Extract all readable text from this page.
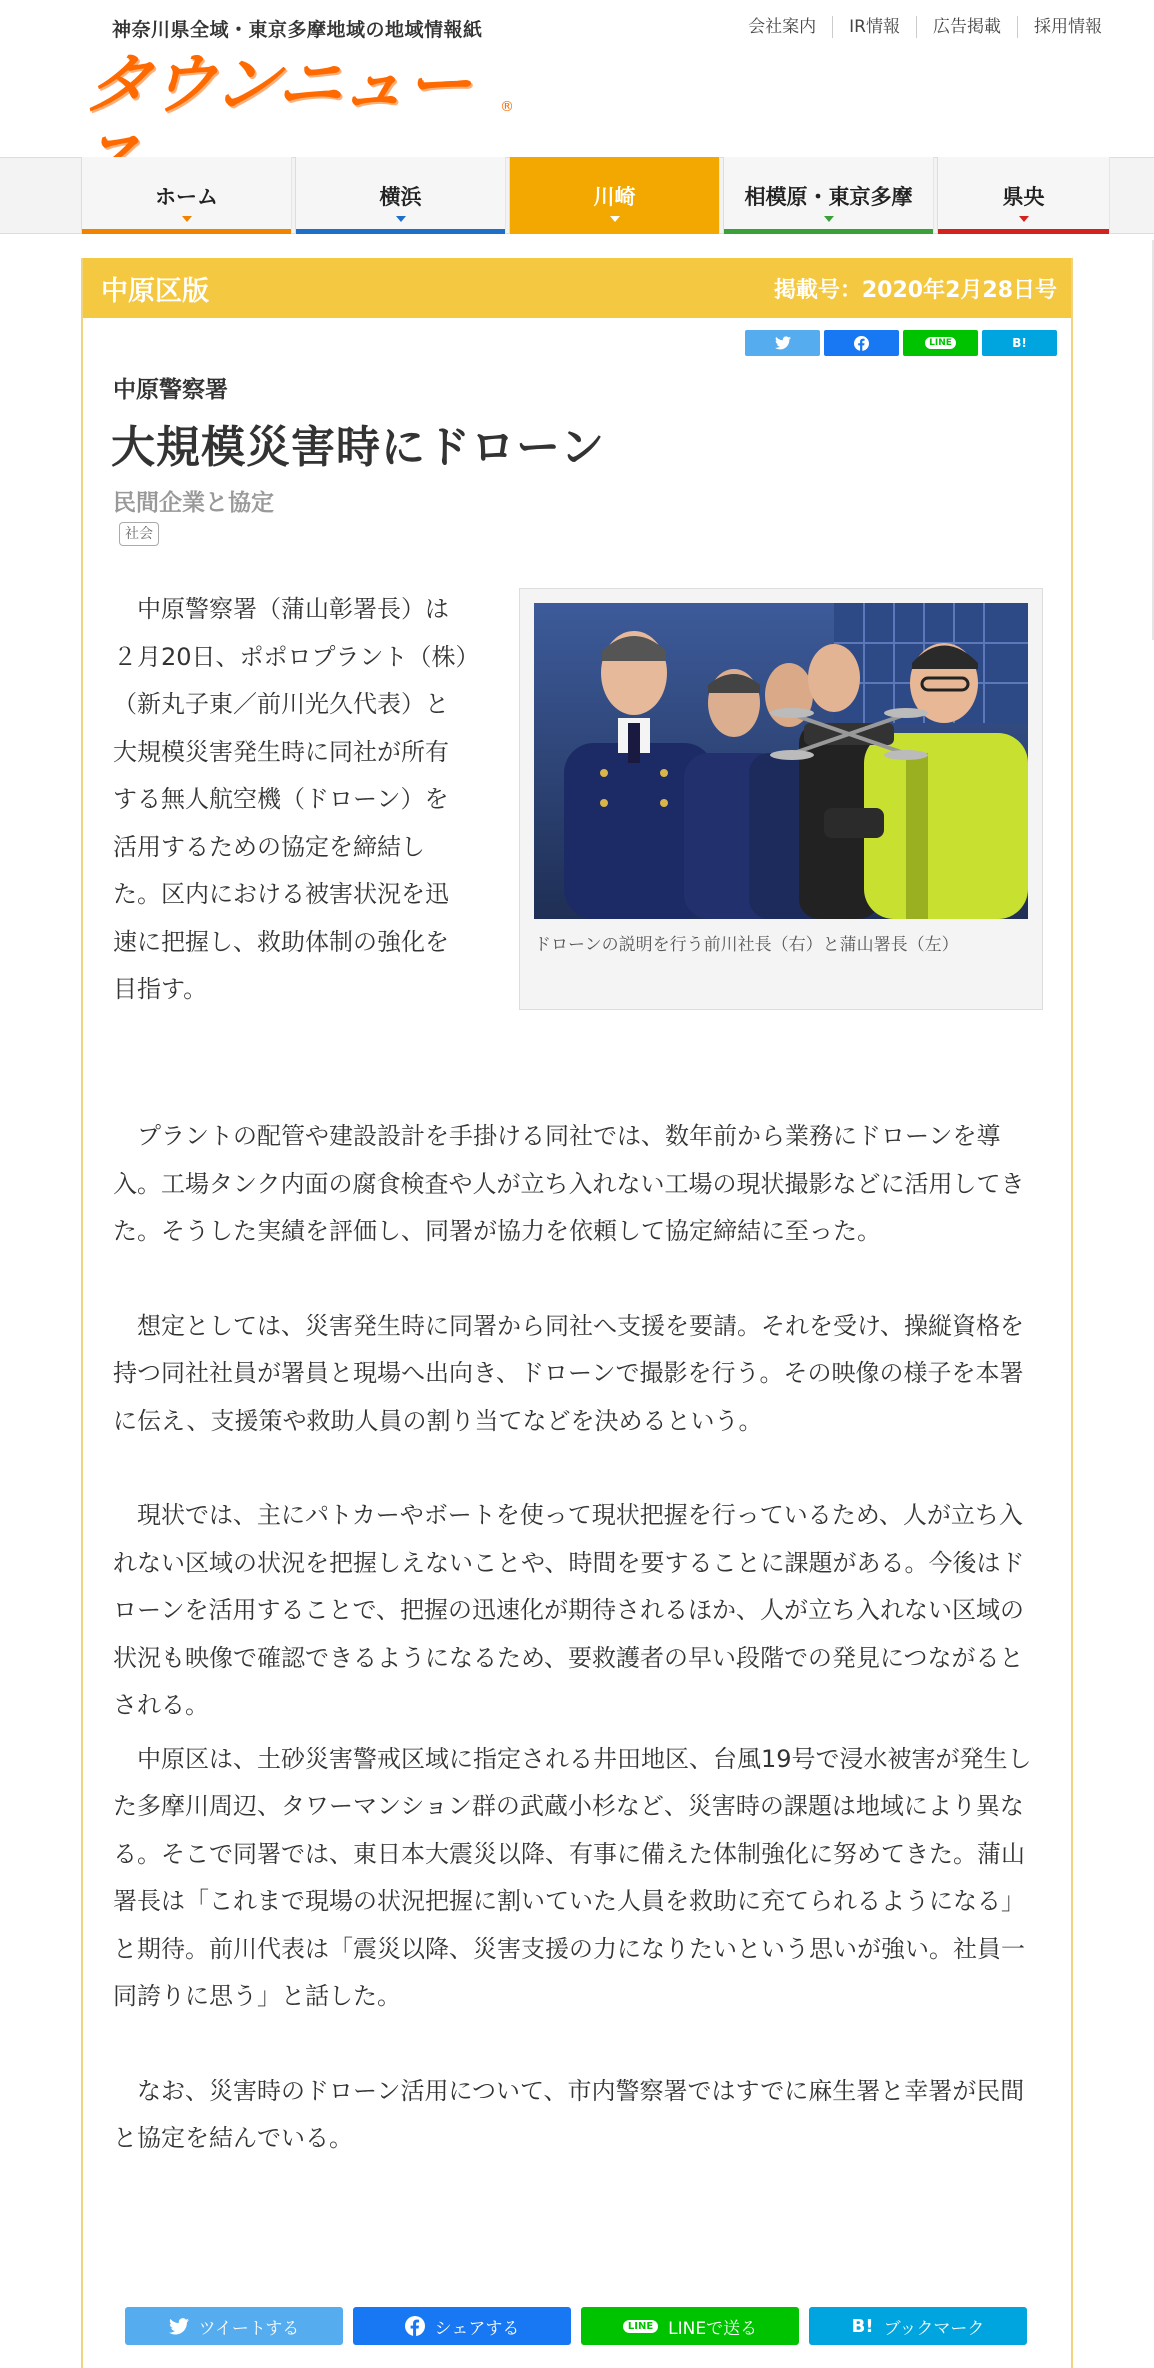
神奈川県全域・東京多摩地域の地域情報紙
タウンニュース
®
会社案内	IR情報	広告掲載	採用情報
ホーム	横浜	川崎	相模原・東京多摩	県央
中原区版	掲載号：2020年2月28日号
LINE	B!
中原警察署
大規模災害時にドローン
民間企業と協定
社会
中原警察署（蒲山彰署長）は２月20日、ポポロプラント（株）（新丸子東／前川光久代表）と大規模災害発生時に同社が所有する無人航空機（ドローン）を活用するための協定を締結した。区内における被害状況を迅速に把握し、救助体制の強化を目指す。
ドローンの説明を行う前川社長（右）と蒲山署長（左）

プラントの配管や建設設計を手掛ける同社では、数年前から業務にドローンを導入。工場タンク内面の腐食検査や人が立ち入れない工場の現状撮影などに活用してきた。そうした実績を評価し、同署が協力を依頼して協定締結に至った。

想定としては、災害発生時に同署から同社へ支援を要請。それを受け、操縦資格を持つ同社社員が署員と現場へ出向き、ドローンで撮影を行う。その映像の様子を本署に伝え、支援策や救助人員の割り当てなどを決めるという。

現状では、主にパトカーやボートを使って現状把握を行っているため、人が立ち入れない区域の状況を把握しえないことや、時間を要することに課題がある。今後はドローンを活用することで、把握の迅速化が期待されるほか、人が立ち入れない区域の状況も映像で確認できるようになるため、要救護者の早い段階での発見につながるとされる。

中原区は、土砂災害警戒区域に指定される井田地区、台風19号で浸水被害が発生した多摩川周辺、タワーマンション群の武蔵小杉など、災害時の課題は地域により異なる。そこで同署では、東日本大震災以降、有事に備えた体制強化に努めてきた。蒲山署長は「これまで現場の状況把握に割いていた人員を救助に充てられるようになる」と期待。前川代表は「震災以降、災害支援の力になりたいという思いが強い。社員一同誇りに思う」と話した。

なお、災害時のドローン活用について、市内警察署ではすでに麻生署と幸署が民間と協定を結んでいる。

ツイートする	シェアする	LINE LINEで送る	B! ブックマーク
